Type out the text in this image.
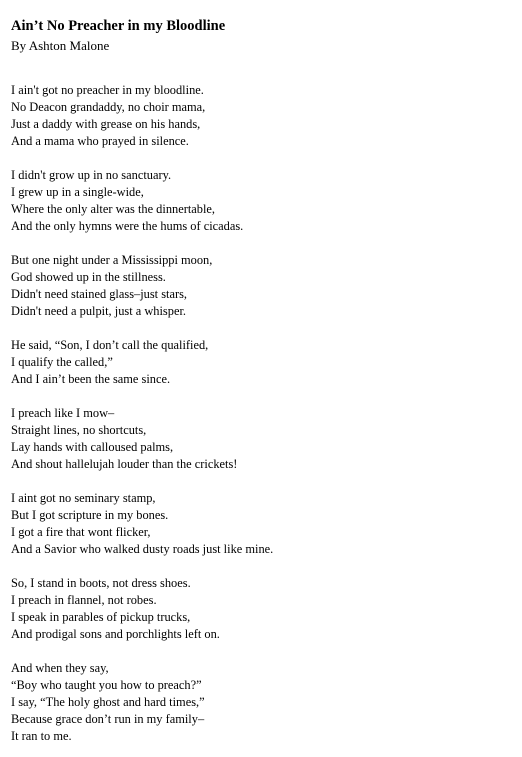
Ain’t No Preacher in my Bloodline

By Ashton Malone

I ain't got no preacher in my bloodline.
No Deacon grandaddy, no choir mama,
Just a daddy with grease on his hands,
And a mama who prayed in silence.
I didn't grow up in no sanctuary.
I grew up in a single-wide,
Where the only alter was the dinnertable,
And the only hymns were the hums of cicadas.
But one night under a Mississippi moon,
God showed up in the stillness.
Didn't need stained glass–just stars,
Didn't need a pulpit, just a whisper.
He said, “Son, I don’t call the qualified,
I qualify the called,”
And I ain’t been the same since.
I preach like I mow–
Straight lines, no shortcuts,
Lay hands with calloused palms,
And shout hallelujah louder than the crickets!
I aint got no seminary stamp,
But I got scripture in my bones.
I got a fire that wont flicker,
And a Savior who walked dusty roads just like mine.
So, I stand in boots, not dress shoes.
I preach in flannel, not robes.
I speak in parables of pickup trucks,
And prodigal sons and porchlights left on.
And when they say,
“Boy who taught you how to preach?”
I say, “The holy ghost and hard times,”
Because grace don’t run in my family–
It ran to me.
